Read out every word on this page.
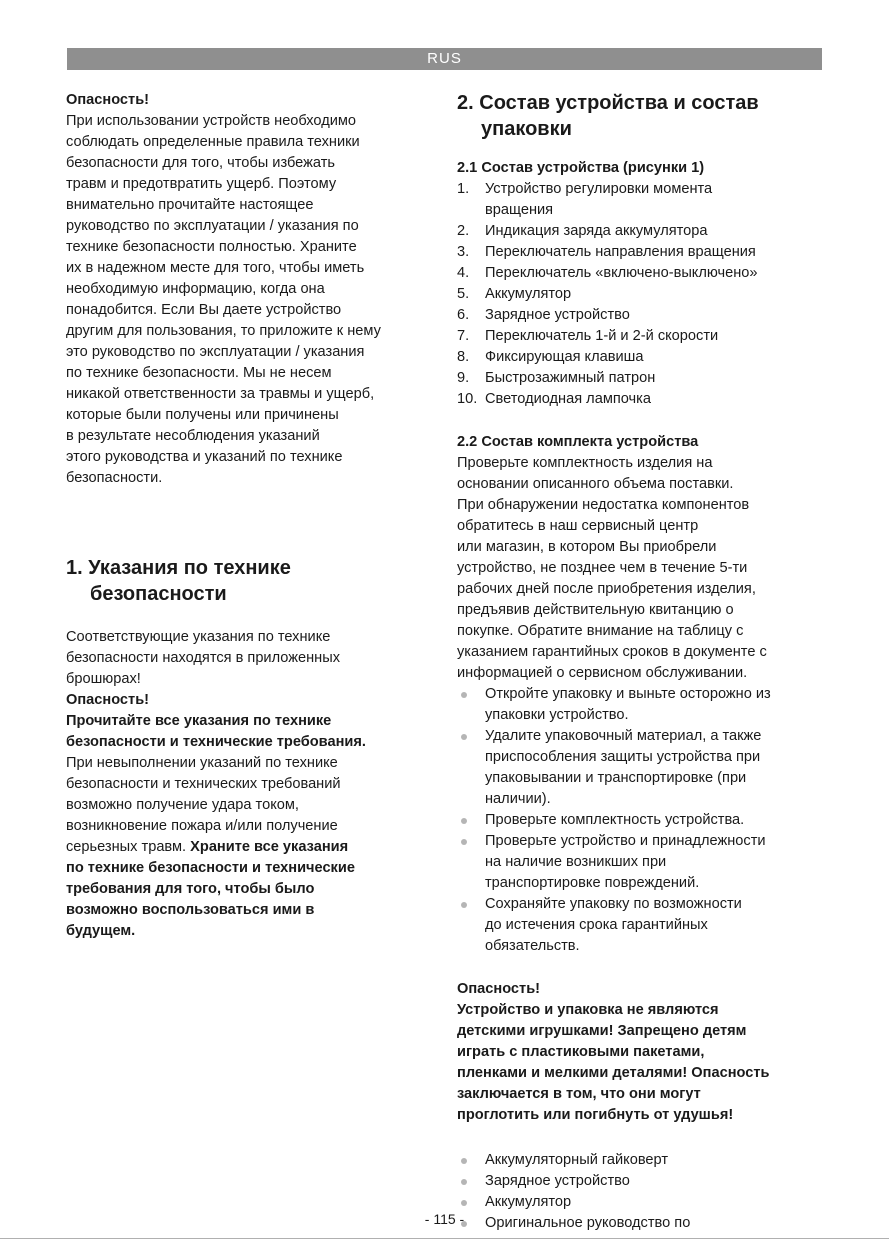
RUS

Опасность!

При использовании устройств необходимо

соблюдать определенные правила техники

безопасности для того, чтобы избежать

травм и предотвратить ущерб. Поэтому

внимательно прочитайте настоящее

руководство по эксплуатации / указания по

технике безопасности полностью. Храните

их в надежном месте для того, чтобы иметь

необходимую информацию, когда она

понадобится. Если Вы даете устройство

другим для пользования, то приложите к нему

это руководство по эксплуатации / указания

по технике безопасности. Мы не несем

никакой ответственности за травмы и ущерб,

которые были получены или причинены

в результате несоблюдения указаний

этого руководства и указаний по технике

безопасности.

1. Указания по технике

безопасности

Соответствующие указания по технике

безопасности находятся в приложенных

брошюрах!

Опасность!

Прочитайте все указания по технике

безопасности и технические требования.

При невыполнении указаний по технике

безопасности и технических требований

возможно получение удара током,

возникновение пожара и/или получение

серьезных травм. Храните все указания

по технике безопасности и технические

требования для того, чтобы было

возможно воспользоваться ими в

будущем.

2. Состав устройства и состав

упаковки

2.1 Состав устройства (рисунки 1)

1. Устройство регулировки момента
вращения
2. Индикация заряда аккумулятора
3. Переключатель направления вращения
4. Переключатель «включено-выключено»
5. Аккумулятор
6. Зарядное устройство
7. Переключатель 1-й и 2-й скорости
8. Фиксирующая клавиша
9. Быстрозажимный патрон
10. Светодиодная лампочка

2.2 Состав комплекта устройства

Проверьте комплектность изделия на

основании описанного объема поставки.

При обнаружении недостатка компонентов

обратитесь в наш сервисный центр

или магазин, в котором Вы приобрели

устройство, не позднее чем в течение 5-ти

рабочих дней после приобретения изделия,

предъявив действительную квитанцию о

покупке. Обратите внимание на таблицу с

указанием гарантийных сроков в документе с

информацией о сервисном обслуживании.

Откройте упаковку и выньте осторожно из
упаковки устройство.
Удалите упаковочный материал, а также
приспособления защиты устройства при
упаковывании и транспортировке (при
наличии).
Проверьте комплектность устройства.
Проверьте устройство и принадлежности
на наличие возникших при
транспортировке повреждений.
Сохраняйте упаковку по возможности
до истечения срока гарантийных
обязательств.

Опасность!

Устройство и упаковка не являются

детскими игрушками! Запрещено детям

играть с пластиковыми пакетами,

пленками и мелкими деталями! Опасность

заключается в том, что они могут

проглотить или погибнуть от удушья!

Аккумуляторный гайковерт
Зарядное устройство
Аккумулятор
Оригинальное руководство по
- 115 -
